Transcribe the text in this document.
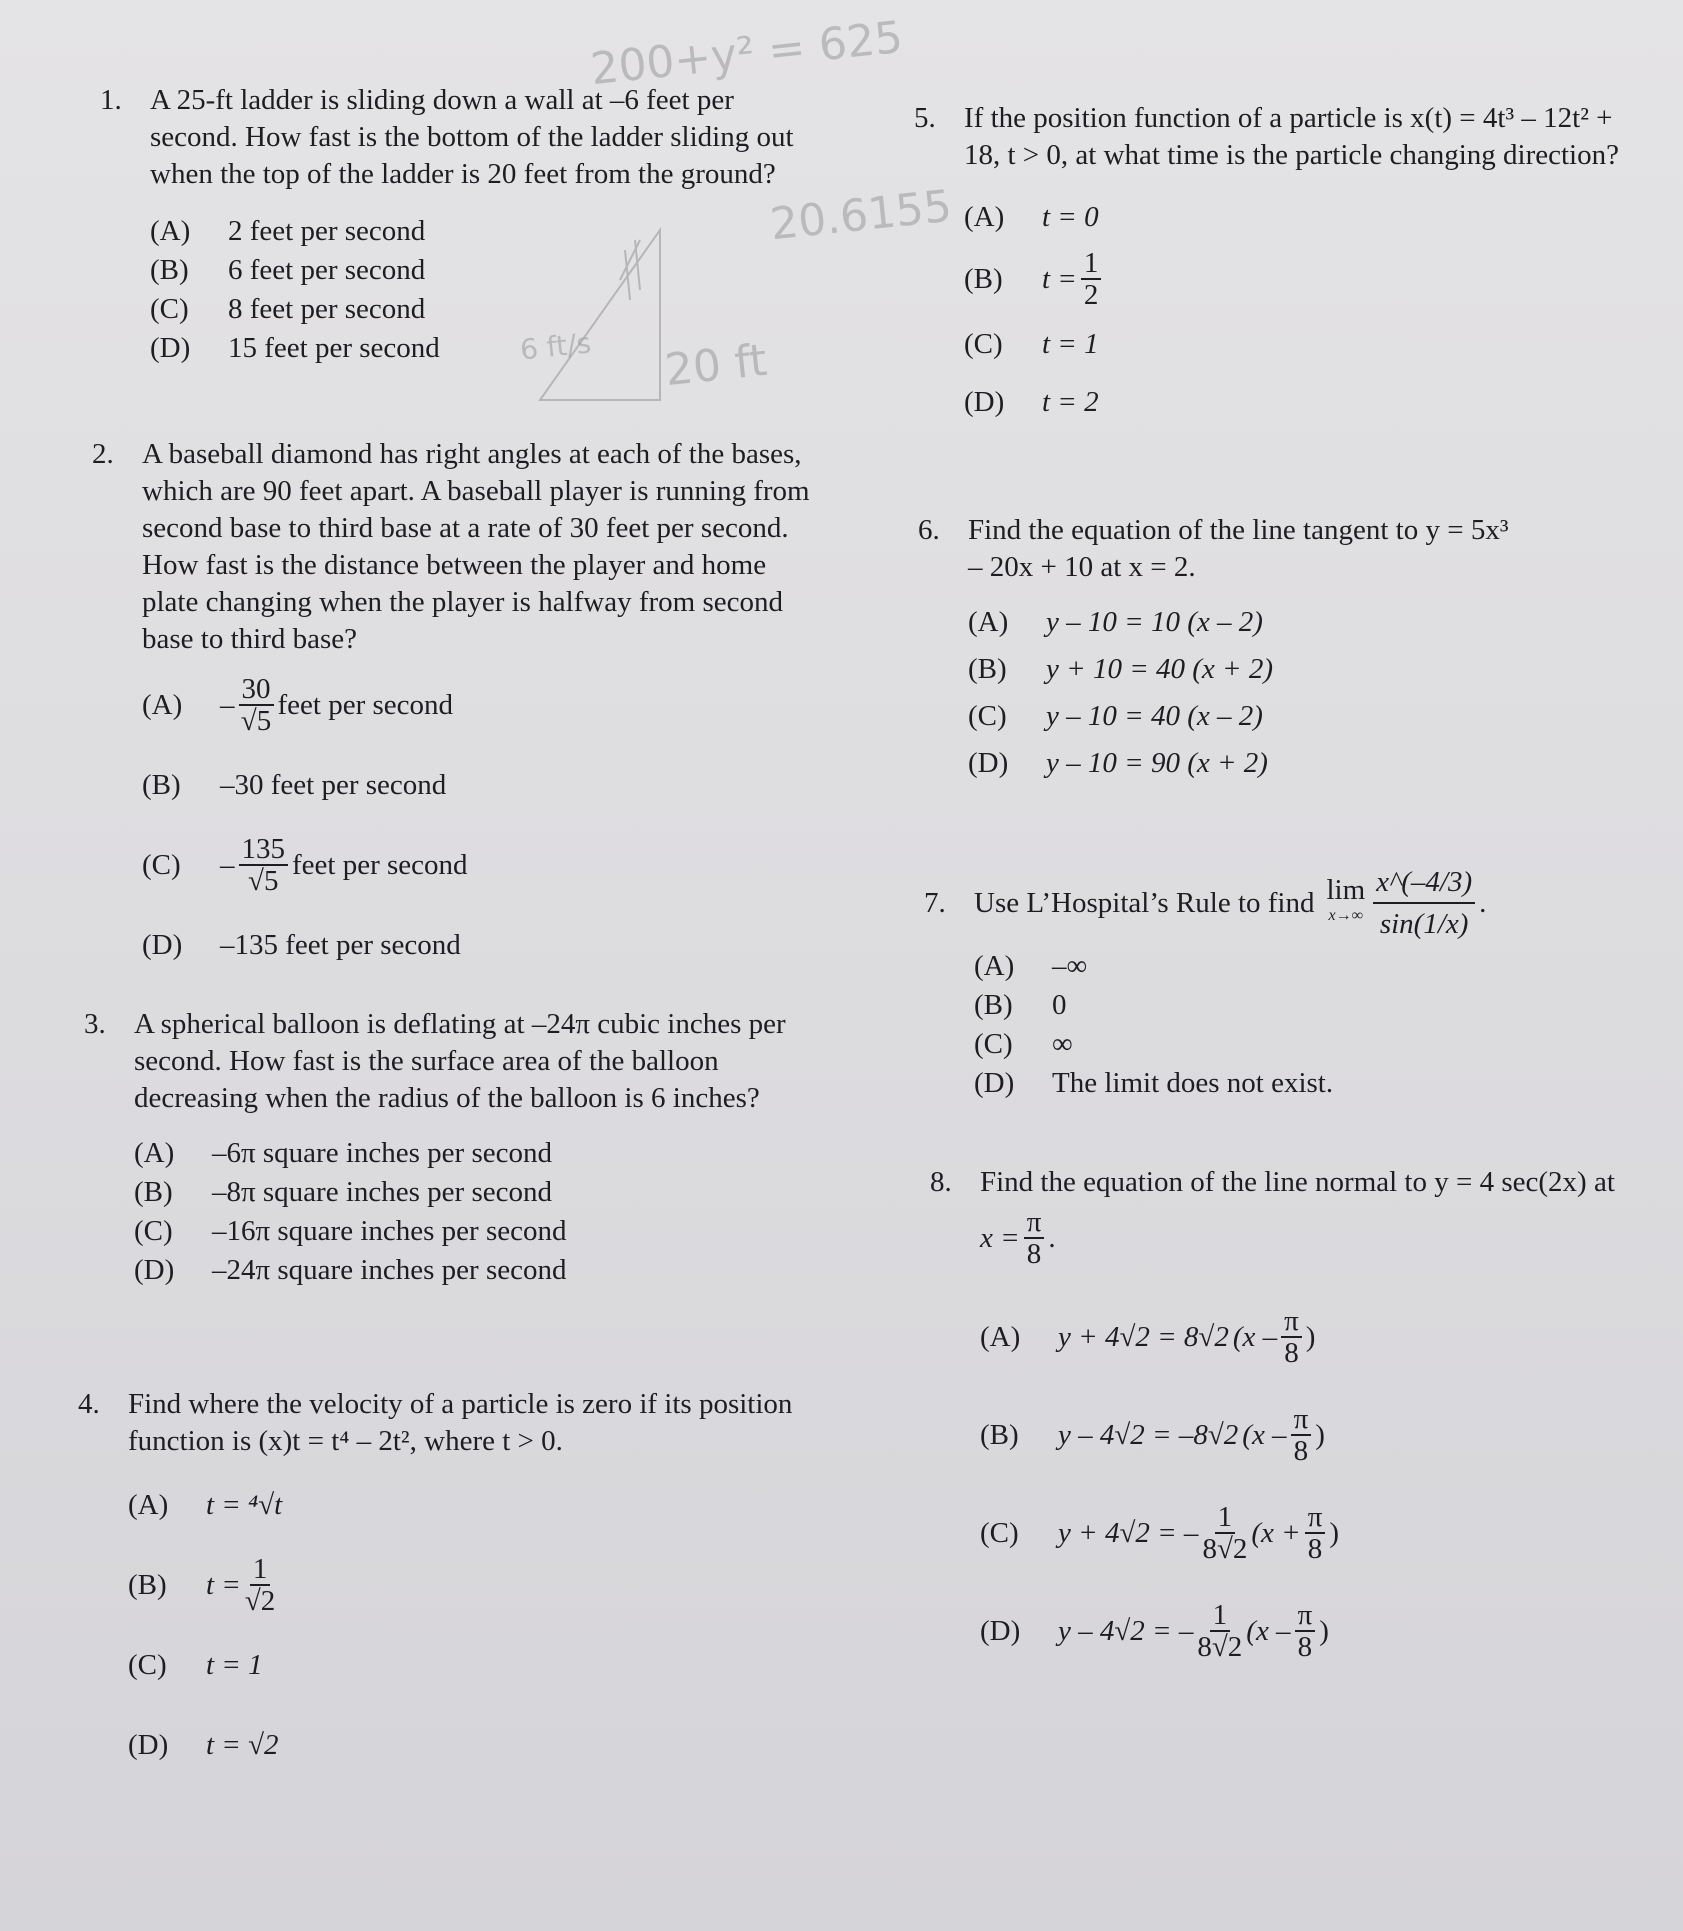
200+y² = 625
20.6155
6 ft/s 20 ft
1. A 25-ft ladder is sliding down a wall at –6 feet per second. How fast is the bottom of the ladder sliding out when the top of the ladder is 20 feet from the ground?
(A)	2 feet per second
(B)	6 feet per second
(C)	8 feet per second
(D)	15 feet per second
2. A baseball diamond has right angles at each of the bases, which are 90 feet apart. A baseball player is running from second base to third base at a rate of 30 feet per second. How fast is the distance between the player and home plate changing when the player is halfway from second base to third base?
(A)	– $\frac{30}{√5}$ feet per second
(B)	–30 feet per second
(C)	– $\frac{135}{√5}$ feet per second
(D)	–135 feet per second
3. A spherical balloon is deflating at –24π cubic inches per second. How fast is the surface area of the balloon decreasing when the radius of the balloon is 6 inches?
(A)	–6π square inches per second
(B)	–8π square inches per second
(C)	–16π square inches per second
(D)	–24π square inches per second
4. Find where the velocity of a particle is zero if its position function is (x)t = t⁴ – 2t², where t > 0.
(A)	t = ⁴√t
(B)	$t = \frac{1}{√2}$
(C)	t = 1
(D)	t = √2
5. If the position function of a particle is x(t) = 4t³ – 12t² + 18, t > 0, at what time is the particle changing direction?
(A)	t = 0
(B)	$t = \frac{1}{2}$
(C)	t = 1
(D)	t = 2
6. Find the equation of the line tangent to y = 5x³ – 20x + 10 at x = 2.
(A)	y – 10 = 10 (x – 2)
(B)	y + 10 = 40 (x + 2)
(C)	y – 10 = 40 (x – 2)
(D)	y – 10 = 90 (x + 2)
7. Use L’Hospital’s Rule to find lim
$x\to\infty \frac{x\^{}(-4/3)}{\sin(1/x)}$ .
(A)	–∞
(B)	0
(C)	∞
(D)	The limit does not exist.
8. Find the equation of the line normal to y = 4 sec(2x) at
$x = \frac{\pi}{8}$ .
(A)	y + 4√2 = 8√2 ($x - \frac{\pi}{8}$ )
(B)	y – 4√2 = –8√2 ($x - \frac{\pi}{8}$ )
(C)	y + 4√2 = – $\frac{1}{8√2} (x + \frac{\pi}{8}$ )
(D)	y – 4√2 = – $\frac{1}{8√2} (x - \frac{\pi}{8}$ )
